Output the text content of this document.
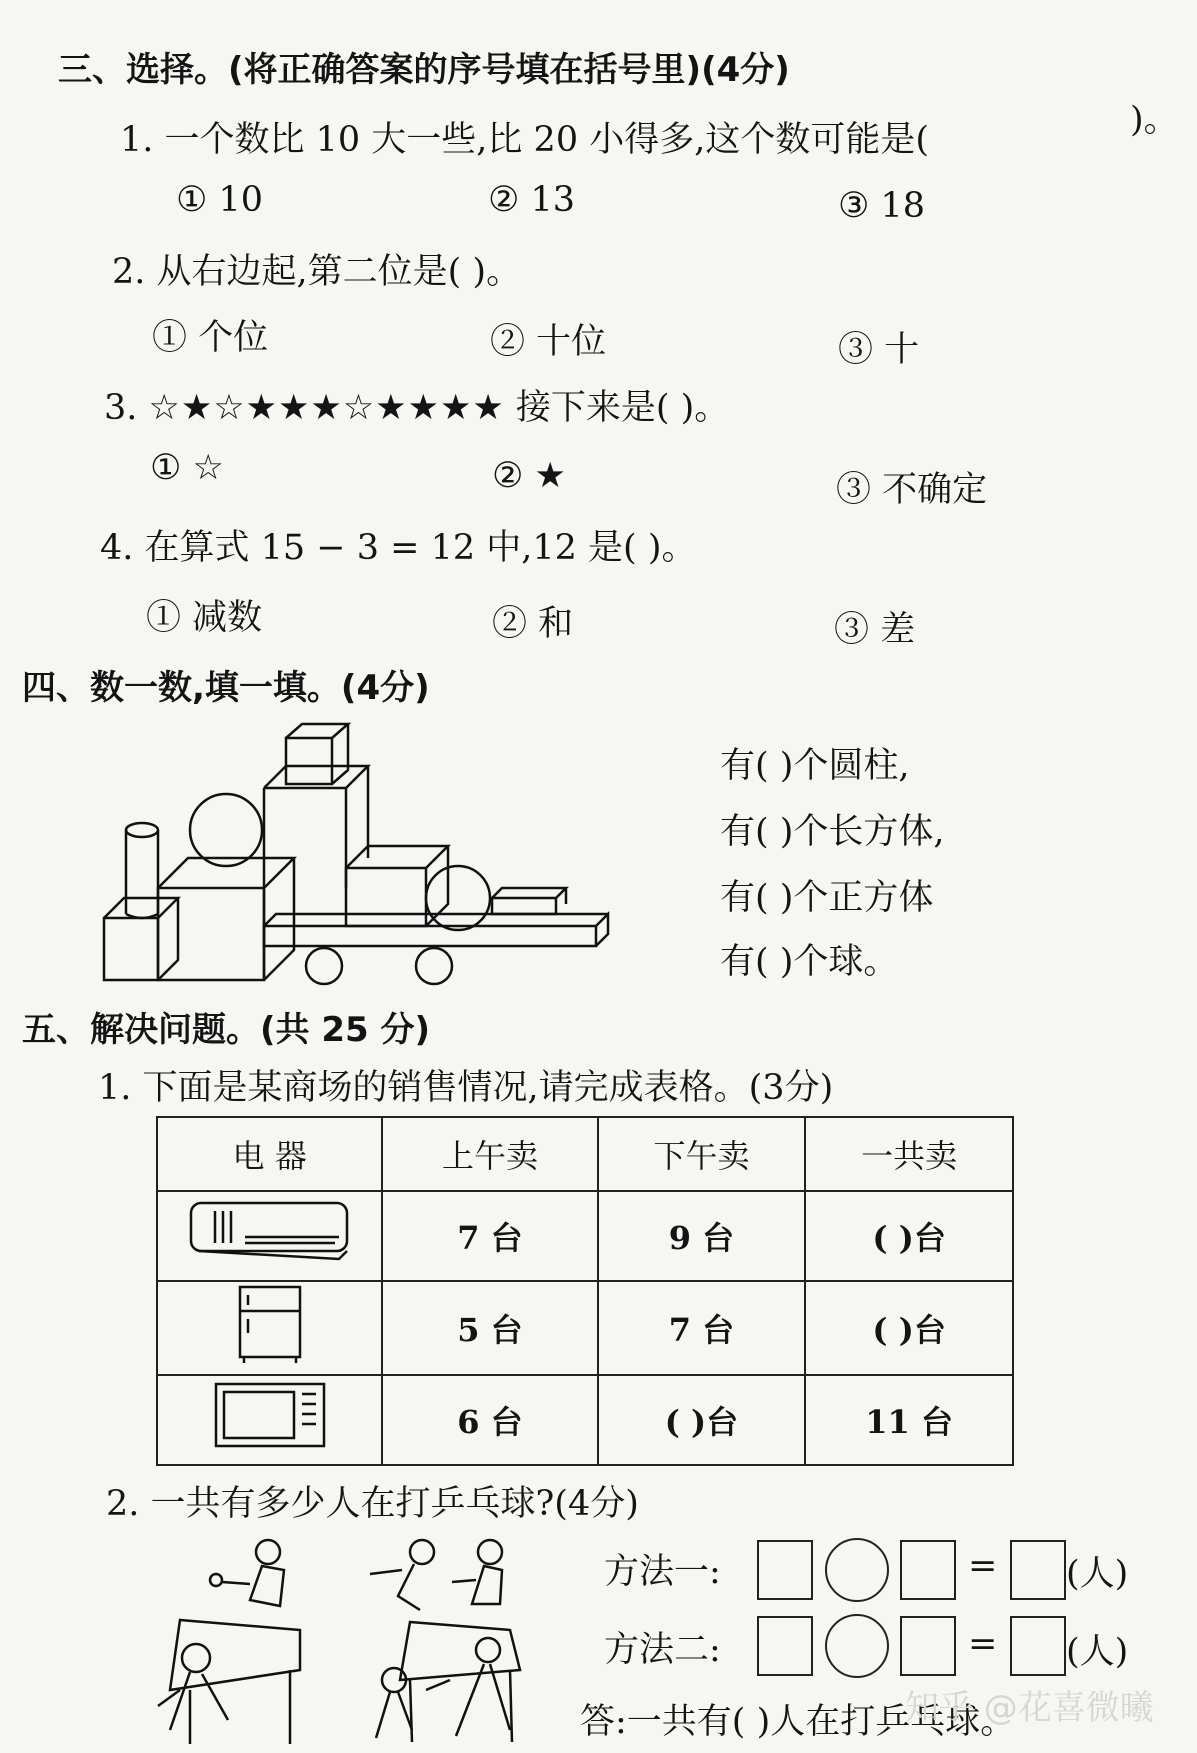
三、选择。(将正确答案的序号填在括号里)(4分)
1. 一个数比 10 大一些,比 20 小得多,这个数可能是(	)。
① 10	② 13	③ 18
2. 从右边起,第二位是( )。
① 个位	② 十位	③ 十
3. ☆★☆★★★☆★★★★ 接下来是( )。
① ☆	② ★	③ 不确定
4. 在算式 15 − 3 = 12 中,12 是( )。
① 减数	② 和	③ 差
四、数一数,填一填。(4分)
有( )个圆柱,
有( )个长方体,
有( )个正方体
有( )个球。
五、解决问题。(共 25 分)
1. 下面是某商场的销售情况,请完成表格。(3分)
电 器	上午卖	下午卖	一共卖
	7 台	9 台	( )台
	5 台	7 台	( )台
	6 台	( )台	11 台
2. 一共有多少人在打乒乓球?(4分)
方法一:	= (人)
方法二:	= (人)
答:一共有( )人在打乒乓球。
知乎 @花喜微曦
